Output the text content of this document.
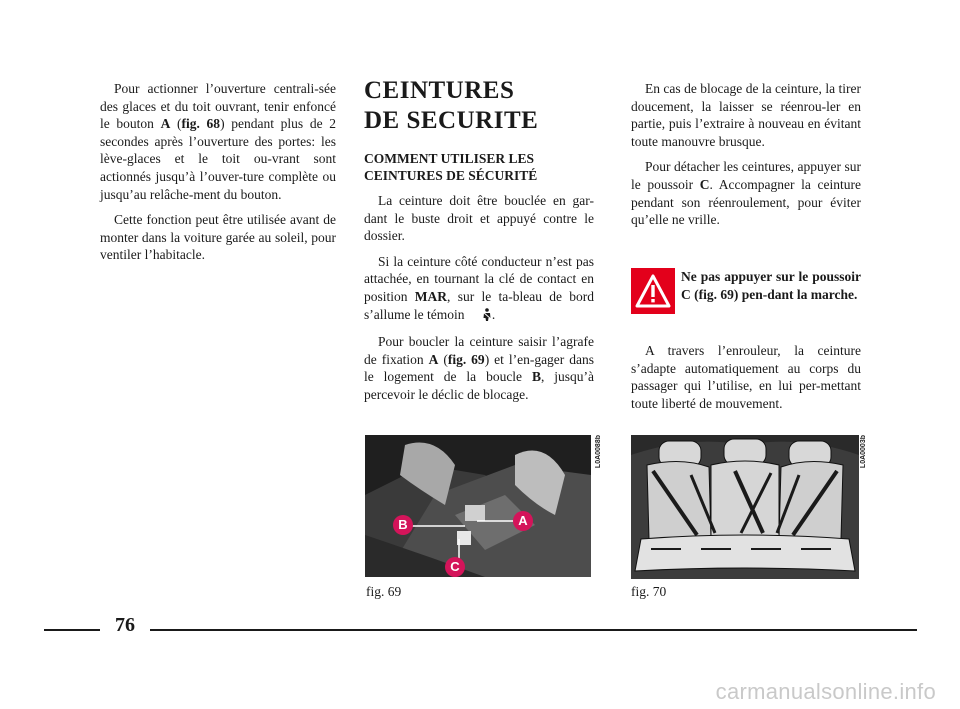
Pour actionner l’ouverture centrali-sée des glaces et du toit ouvrant, tenir enfoncé le bouton A (fig. 68) pendant plus de 2 secondes après l’ouverture des portes: les lève-glaces et le toit ou-vrant sont actionnés jusqu’à l’ouver-ture complète ou jusqu’au relâche-ment du bouton.

Cette fonction peut être utilisée avant de monter dans la voiture garée au soleil, pour ventiler l’habitacle.

CEINTURES
DE SECURITE

COMMENT UTILISER LES
CEINTURES DE SÉCURITÉ

La ceinture doit être bouclée en gar-dant le buste droit et appuyé contre le dossier.

Si la ceinture côté conducteur n’est pas attachée, en tournant la clé de contact en position MAR, sur le ta-bleau de bord s’allume le témoin .

Pour boucler la ceinture saisir l’agrafe de fixation A (fig. 69) et l’en-gager dans le logement de la boucle B, jusqu’à percevoir le déclic de blocage.

En cas de blocage de la ceinture, la tirer doucement, la laisser se réenrou-ler en partie, puis l’extraire à nouveau en évitant toute manouvre brusque.

Pour détacher les ceintures, appuyer sur le poussoir C. Accompagner la ceinture pendant son réenroulement, pour éviter qu’elle ne vrille.

Ne pas appuyer sur le poussoir C (fig. 69) pen-dant la marche.

A travers l’enrouleur, la ceinture s’adapte automatiquement au corps du passager qui l’utilise, en lui per-mettant toute liberté de mouvement.

B	A
C
L0A0088b
fig. 69
L0A0003b
fig. 70
76
carmanualsonline.info
